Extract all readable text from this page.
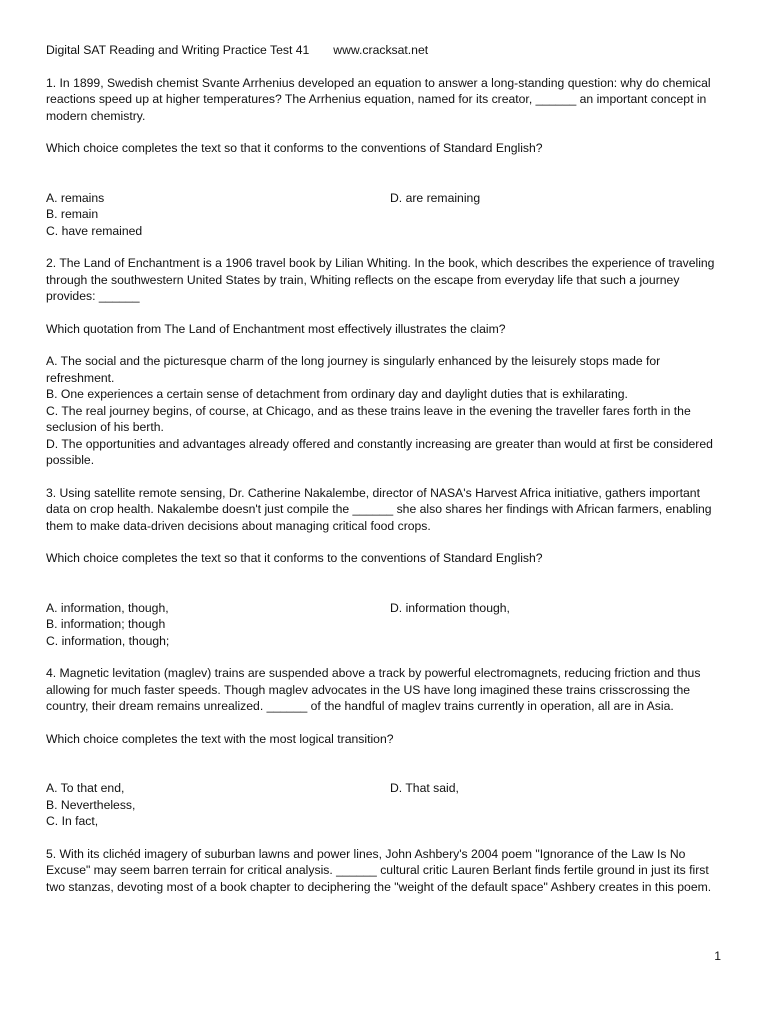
Digital SAT Reading and Writing Practice Test 41 www.cracksat.net

1. In 1899, Swedish chemist Svante Arrhenius developed an equation to answer a long-standing question: why do chemical reactions speed up at higher temperatures? The Arrhenius equation, named for its creator, ______ an important concept in modern chemistry.

Which choice completes the text so that it conforms to the conventions of Standard English?

A. remains	D. are remaining
B. remain
C. have remained

2. The Land of Enchantment is a 1906 travel book by Lilian Whiting. In the book, which describes the experience of traveling through the southwestern United States by train, Whiting reflects on the escape from everyday life that such a journey provides: ______

Which quotation from The Land of Enchantment most effectively illustrates the claim?

A. The social and the picturesque charm of the long journey is singularly enhanced by the leisurely stops made for refreshment.

B. One experiences a certain sense of detachment from ordinary day and daylight duties that is exhilarating.

C. The real journey begins, of course, at Chicago, and as these trains leave in the evening the traveller fares forth in the seclusion of his berth.

D. The opportunities and advantages already offered and constantly increasing are greater than would at first be considered possible.

3. Using satellite remote sensing, Dr. Catherine Nakalembe, director of NASA's Harvest Africa initiative, gathers important data on crop health. Nakalembe doesn't just compile the ______ she also shares her findings with African farmers, enabling them to make data-driven decisions about managing critical food crops.

Which choice completes the text so that it conforms to the conventions of Standard English?

A. information, though,	D. information though,
B. information; though
C. information, though;

4. Magnetic levitation (maglev) trains are suspended above a track by powerful electromagnets, reducing friction and thus allowing for much faster speeds. Though maglev advocates in the US have long imagined these trains crisscrossing the country, their dream remains unrealized. ______ of the handful of maglev trains currently in operation, all are in Asia.

Which choice completes the text with the most logical transition?

A. To that end,	D. That said,
B. Nevertheless,
C. In fact,

5. With its clichéd imagery of suburban lawns and power lines, John Ashbery's 2004 poem "Ignorance of the Law Is No Excuse" may seem barren terrain for critical analysis. ______ cultural critic Lauren Berlant finds fertile ground in just its first two stanzas, devoting most of a book chapter to deciphering the "weight of the default space" Ashbery creates in this poem.

1
